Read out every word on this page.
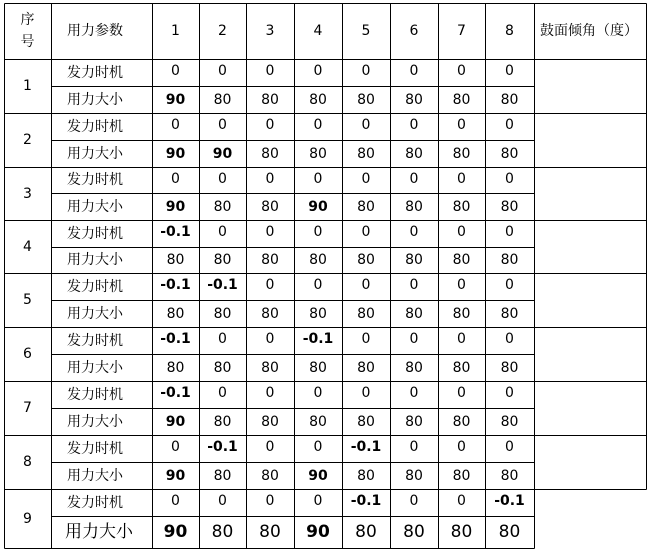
序
号
用力参数	1	2	3	4	5	6	7	8	鼓面倾角（度）
1
发力时机	0	0	0	0	0	0	0	0
用力大小	90	80	80	80	80	80	80	80
2
发力时机	0	0	0	0	0	0	0	0
用力大小	90	90	80	80	80	80	80	80
3
发力时机	0	0	0	0	0	0	0	0
用力大小	90	80	80	90	80	80	80	80
4
发力时机	-0.1	0	0	0	0	0	0	0
用力大小	80	80	80	80	80	80	80	80
5
发力时机	-0.1	-0.1	0	0	0	0	0	0
用力大小	80	80	80	80	80	80	80	80
6
发力时机	-0.1	0	0	-0.1	0	0	0	0
用力大小	80	80	80	80	80	80	80	80
7
发力时机	-0.1	0	0	0	0	0	0	0
用力大小	90	80	80	80	80	80	80	80
8
发力时机	0	-0.1	0	0	-0.1	0	0	0
用力大小	90	80	80	90	80	80	80	80
9
发力时机	0	0	0	0	-0.1	0	0	-0.1
用力大小	90	80	80	90	80	80	80	80
